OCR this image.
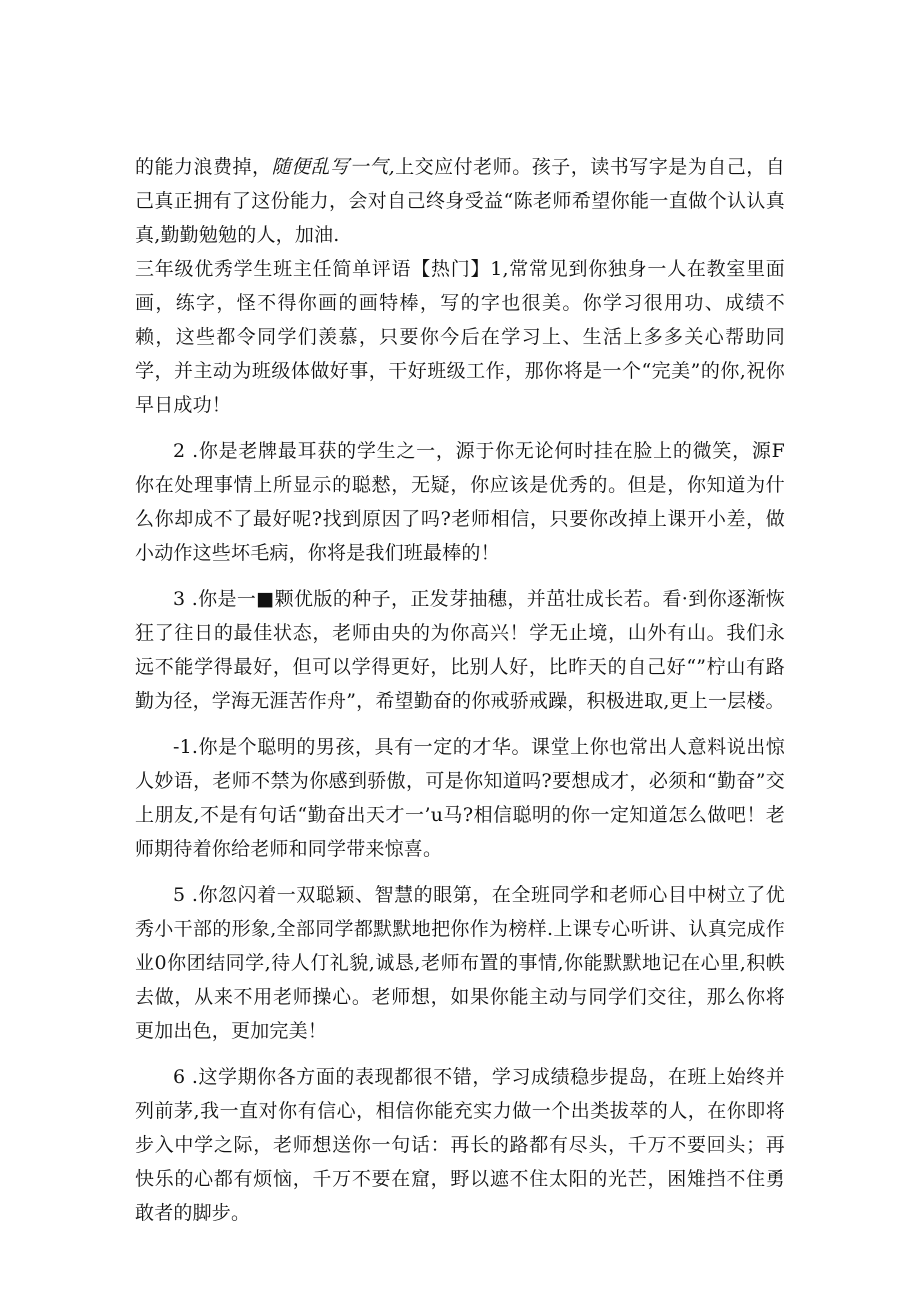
的能力浪费掉，随便乱写一气,上交应付老师。孩子，读书写字是为自己，自己真正拥有了这份能力，会对自己终身受益“陈老师希望你能一直做个认认真真,勤勤勉勉的人，加油.

三年级优秀学生班主任简单评语【热门】1,常常见到你独身一人在教室里面画，练字，怪不得你画的画特棒，写的字也很美。你学习很用功、成绩不赖，这些都令同学们羡慕，只要你今后在学习上、生活上多多关心帮助同学，并主动为班级体做好事，干好班级工作，那你将是一个“完美”的你,祝你早日成功！

2 .你是老牌最耳获的学生之一，源于你无论何时挂在脸上的微笑，源F你在处理事情上所显示的聪慭，无疑，你应该是优秀的。但是，你知道为什么你却成不了最好呢?找到原因了吗?老师相信，只要你改掉上课开小差，做小动作这些坏毛病，你将是我们班最棒的！

3 .你是一■颗优版的种子，正发芽抽穗，并茁壮成长若。看·到你逐渐恢狂了往日的最佳状态，老师由央的为你高兴！学无止境，山外有山。我们永远不能学得最好，但可以学得更好，比别人好，比昨天的自己好“”柠山有路勤为径，学海无涯苦作舟”，希望勤奋的你戒骄戒躁，积极进取,更上一层楼。

-1.你是个聪明的男孩，具有一定的才华。课堂上你也常出人意料说出惊人妙语，老师不禁为你感到骄傲，可是你知道吗?要想成才，必须和“勤奋”交上朋友,不是有句话“勤奋出天才一’u马?相信聪明的你一定知道怎么做吧！老师期待着你给老师和同学带来惊喜。

5 .你忽闪着一双聪颖、智慧的眼第，在全班同学和老师心目中树立了优秀小干部的形象,全部同学都默默地把你作为榜样.上课专心听讲、认真完成作业0你团结同学,待人仃礼貌,诚恳,老师布置的事情,你能默默地记在心里,积帙去做，从来不用老师操心。老师想，如果你能主动与同学们交往，那么你将更加出色，更加完美！

6 .这学期你各方面的表现都很不错，学习成绩稳步提岛，在班上始终并列前茅,我一直对你有信心，相信你能充实力做一个出类拔萃的人，在你即将步入中学之际，老师想送你一句话：再长的路都有尽头，千万不要回头；再快乐的心都有烦恼，千万不要在窟，野以遮不住太阳的光芒，困雉挡不住勇敢者的脚步。
